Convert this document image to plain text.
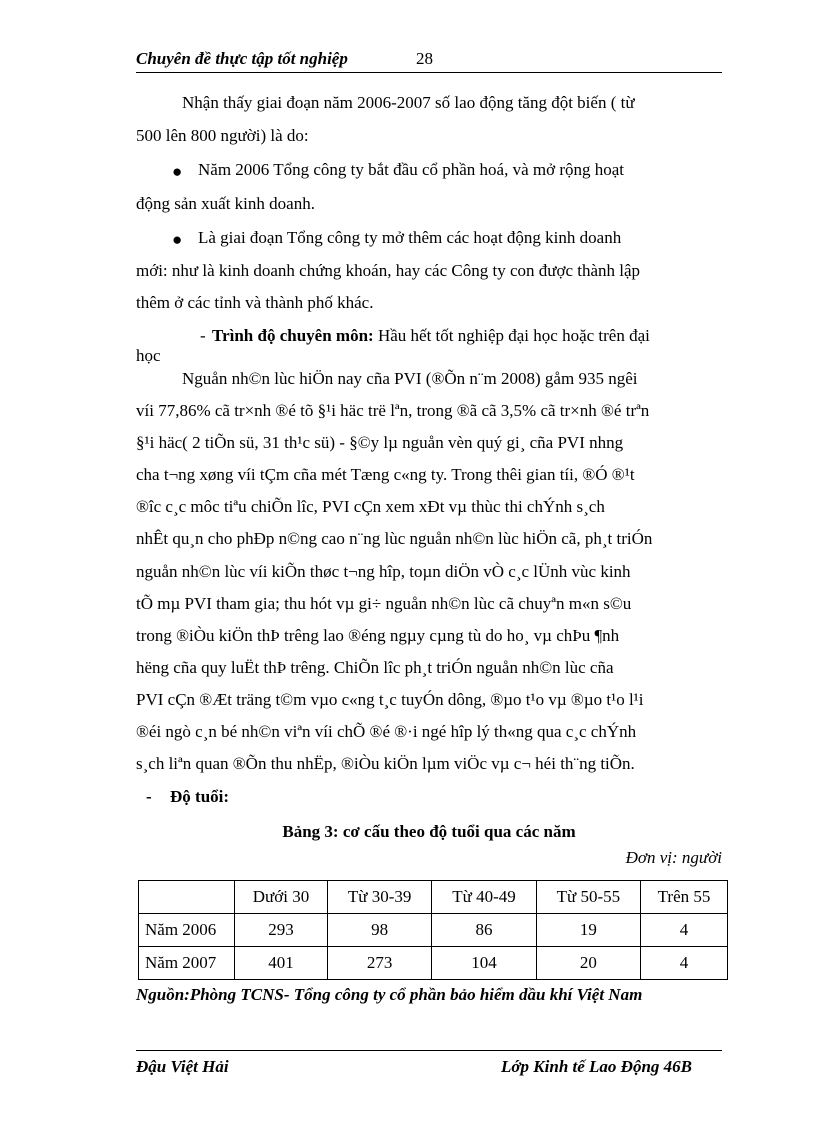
Chuyên đề thực tập tốt nghiệp	28
Nhận thấy giai đoạn năm 2006-2007 số lao động tăng đột biến ( từ
500 lên 800 người) là do:
● Năm 2006 Tổng công ty bắt đầu cổ phần hoá, và mở rộng hoạt
động sản xuất kinh doanh.
● Là giai đoạn Tổng công ty mở thêm các hoạt động kinh doanh
mới: như là kinh doanh chứng khoán, hay các Công ty con được thành lập
thêm ở các tỉnh và thành phố khác.
- Trình độ chuyên môn: Hầu hết tốt nghiệp đại học hoặc trên đại
học
Nguån nh©n lùc hiÖn nay cña PVI (®Õn n¨m 2008) gåm 935 ngêi
víi 77,86% cã tr×nh ®é tõ §¹i häc trë lªn, trong ®ã cã 3,5% cã tr×nh ®é trªn
§¹i häc( 2 tiÕn sü, 31 th¹c sü) - §©y lµ nguån vèn quý gi¸ cña PVI nhng
cha t¬ng xøng víi tÇm cña mét Tæng c«ng ty. Trong thêi gian tíi, ®Ó ®¹t
®îc c¸c môc tiªu chiÕn lîc, PVI cÇn xem xÐt vµ thùc thi chÝnh s¸ch
nhÊt qu¸n cho phÐp n©ng cao n¨ng lùc nguån nh©n lùc hiÖn cã, ph¸t triÓn
nguån nh©n lùc víi kiÕn thøc t¬ng hîp, toµn diÖn vÒ c¸c lÜnh vùc kinh
tÕ mµ PVI tham gia; thu hót vµ gi÷ nguån nh©n lùc cã chuyªn m«n s©u
trong ®iÒu kiÖn thÞ trêng lao ®éng ngµy cµng tù do ho¸ vµ chÞu ¶nh
hëng cña quy luËt thÞ trêng. ChiÕn lîc ph¸t triÓn nguån nh©n lùc cña
PVI cÇn ®Æt träng t©m vµo c«ng t¸c tuyÓn dông, ®µo t¹o vµ ®µo t¹o l¹i
®éi ngò c¸n bé nh©n viªn víi chÕ ®é ®·i ngé hîp lý th«ng qua c¸c chÝnh
s¸ch liªn quan ®Õn thu nhËp, ®iÒu kiÖn lµm viÖc vµ c¬ héi th¨ng tiÕn.
- Độ tuổi:
Bảng 3: cơ cấu theo độ tuổi qua các năm
Đơn vị: người
	Dưới 30	Từ 30-39	Từ 40-49	Từ 50-55	Trên 55
Năm 2006	293	98	86	19	4
Năm 2007	401	273	104	20	4
Nguồn:Phòng TCNS- Tổng công ty cổ phần bảo hiểm dầu khí Việt Nam
Đậu Việt Hải	Lớp Kinh tế Lao Động 46B
